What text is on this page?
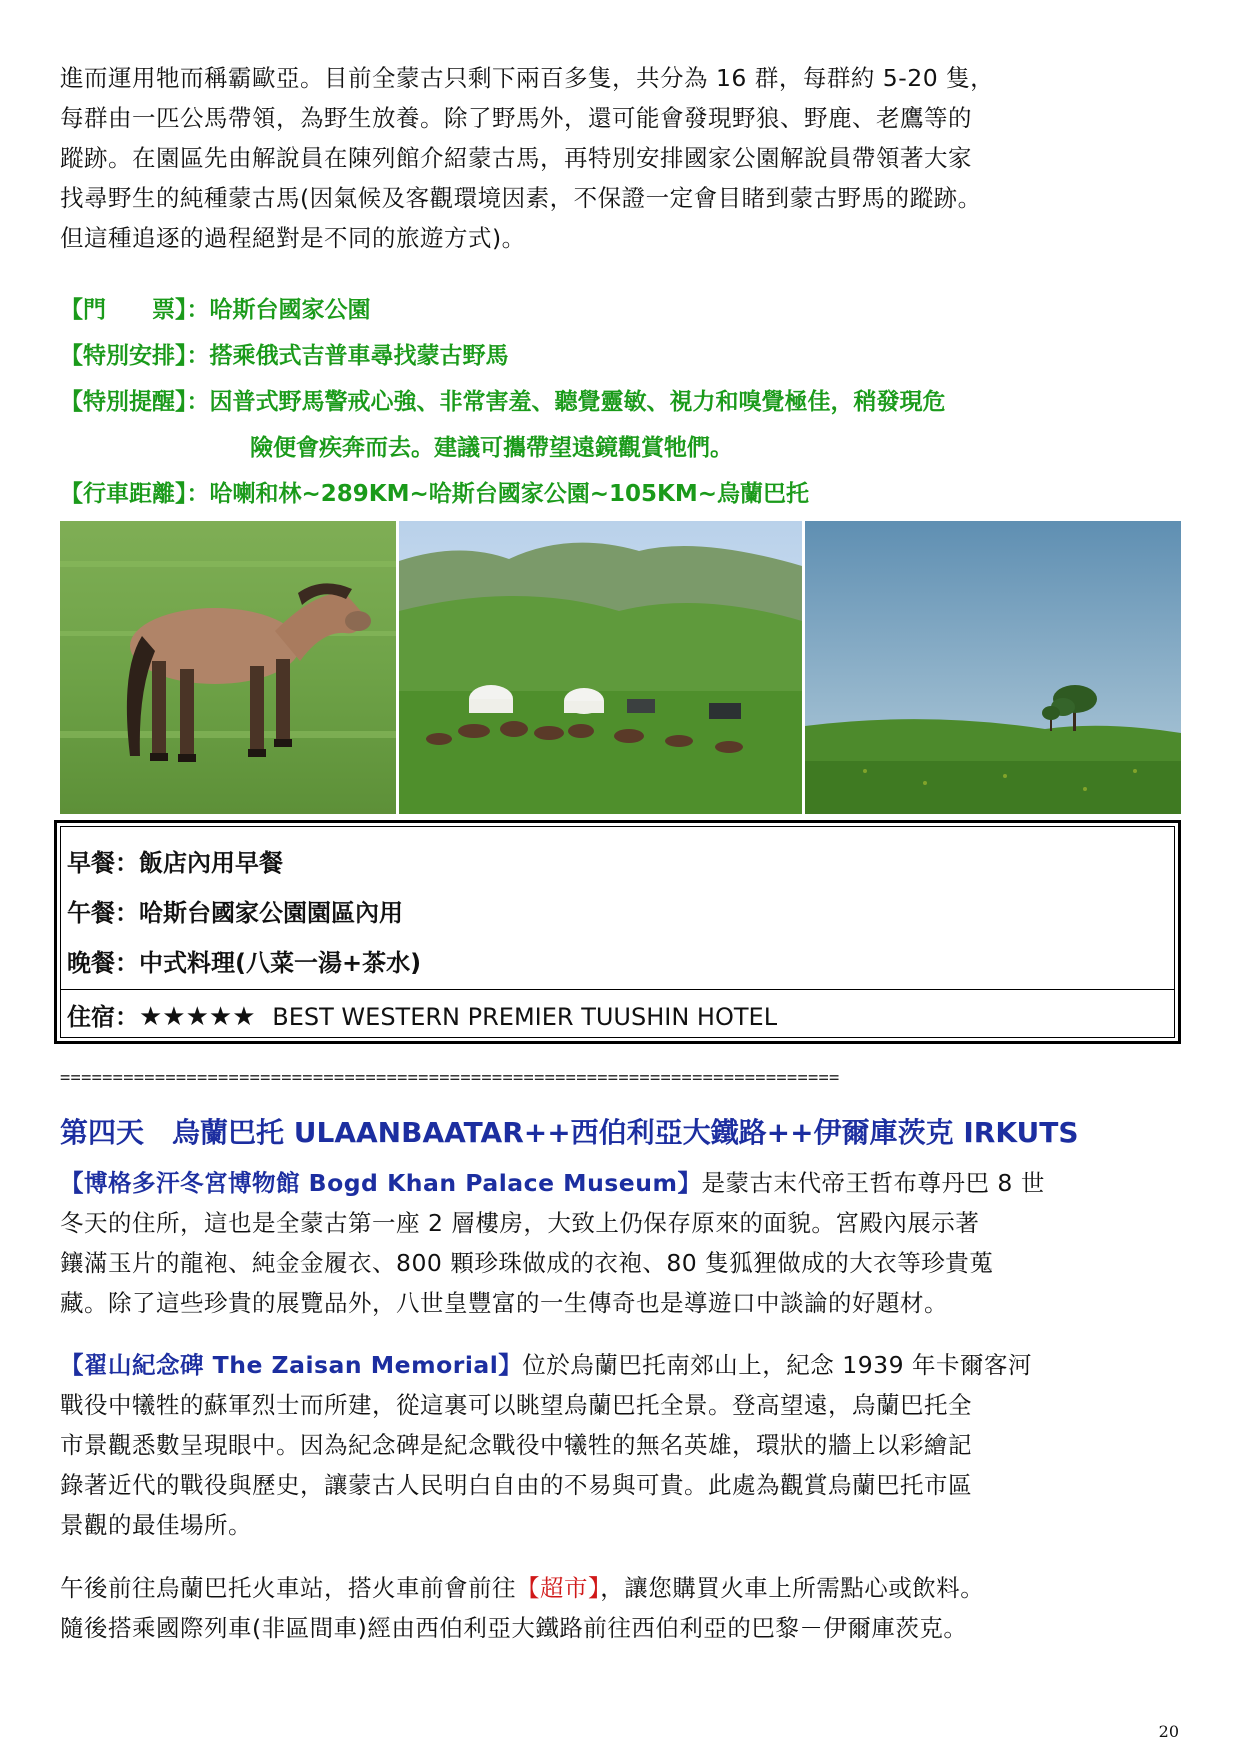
進而運用牠而稱霸歐亞。目前全蒙古只剩下兩百多隻，共分為 16 群，每群約 5-20 隻，
每群由一匹公馬帶領，為野生放養。除了野馬外，還可能會發現野狼、野鹿、老鷹等的
蹤跡。在園區先由解說員在陳列館介紹蒙古馬，再特別安排國家公園解說員帶領著大家
找尋野生的純種蒙古馬(因氣候及客觀環境因素，不保證一定會目睹到蒙古野馬的蹤跡。
但這種追逐的過程絕對是不同的旅遊方式)。
【門　　票】：哈斯台國家公園
【特別安排】：搭乘俄式吉普車尋找蒙古野馬
【特別提醒】：因普式野馬警戒心強、非常害羞、聽覺靈敏、視力和嗅覺極佳，稍發現危
險便會疾奔而去。建議可攜帶望遠鏡觀賞牠們。
【行車距離】：哈喇和林~289KM~哈斯台國家公園~105KM~烏蘭巴托
早餐：飯店內用早餐
午餐：哈斯台國家公園園區內用
晚餐：中式料理(八菜一湯+茶水)
住宿：★★★★★ BEST WESTERN PREMIER TUUSHIN HOTEL
==========================================================================
第四天　烏蘭巴托 ULAANBAATAR++西伯利亞大鐵路++伊爾庫茨克 IRKUTS
【博格多汗冬宮博物館 Bogd Khan Palace Museum】是蒙古末代帝王哲布尊丹巴 8 世
冬天的住所，這也是全蒙古第一座 2 層樓房，大致上仍保存原來的面貌。宮殿內展示著
鑲滿玉片的龍袍、純金金履衣、800 顆珍珠做成的衣袍、80 隻狐狸做成的大衣等珍貴蒐
藏。除了這些珍貴的展覽品外，八世皇豐富的一生傳奇也是導遊口中談論的好題材。
【翟山紀念碑 The Zaisan Memorial】位於烏蘭巴托南郊山上，紀念 1939 年卡爾客河
戰役中犧牲的蘇軍烈士而所建，從這裏可以眺望烏蘭巴托全景。登高望遠，烏蘭巴托全
市景觀悉數呈現眼中。因為紀念碑是紀念戰役中犧牲的無名英雄，環狀的牆上以彩繪記
錄著近代的戰役與歷史，讓蒙古人民明白自由的不易與可貴。此處為觀賞烏蘭巴托市區
景觀的最佳場所。
午後前往烏蘭巴托火車站，搭火車前會前往【超市】，讓您購買火車上所需點心或飲料。
隨後搭乘國際列車(非區間車)經由西伯利亞大鐵路前往西伯利亞的巴黎－伊爾庫茨克。
20
